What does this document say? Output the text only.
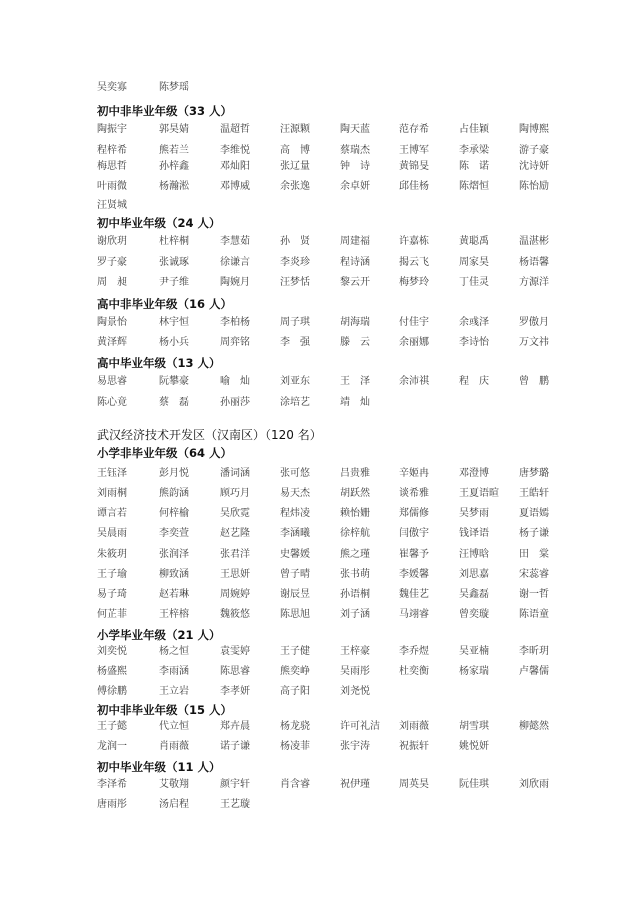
吴奕寡	陈梦瑶
初中非毕业年级（33 人）
陶振宇	郭昊婧	温超哲	汪源颗	陶天蓝	范存希	占佳颖	陶博熙
程梓希	熊若兰	李维悦	高　博	蔡瑞杰	王博军	李承梁	游子豪
梅思哲	孙梓鑫	邓灿阳	张辽量	钟　诗	黄锦旻	陈　诺	沈诗妍
叶雨微	杨瀚淞	邓博威	余张逸	余卓妍	邱佳杨	陈熠恒	陈怡励
汪贤城
初中毕业年级（24 人）
谢欣玥	杜梓桐	李慧茹	孙　贤	周建福	许嘉栋	黄聪禹	温湛彬
罗子豪	张诚琢	徐谦言	李炎珍	程诗涵	揭云飞	周家昊	杨语馨
周　昶	尹子维	陶婉月	汪梦恬	黎云开	梅梦玲	丁佳灵	方源洋
高中非毕业年级（16 人）
陶景怡	林宇恒	李柏杨	周子琪	胡海瑞	付佳宇	余彧泽	罗傲月
黄泽辉	杨小兵	周弈铭	李　强	滕　云	余丽娜	李诗怡	万文祎
高中毕业年级（13 人）
易思睿	阮攀豪	喻　灿	刘亚东	王　泽	余沛祺	程　庆	曾　鹏
陈心竟	蔡　磊	孙丽莎	涂培艺	靖　灿
武汉经济技术开发区（汉南区）（120 名）
小学非毕业年级（64 人）
王钰泽	彭月悦	潘词涵	张可悠	吕贵雅	辛姬冉	邓澄博	唐梦璐
刘雨桐	熊韵涵	顾巧月	易天杰	胡跃然	谈希雅	王夏语暄 王皓轩
谭言若	何梓榆	吴欣霓	程炜凌	赖怡姗	郑儒修	吴梦雨	夏语嫣
吴晨雨	李奕萱	赵艺隆	李涵曦	徐梓航	闫傲宇	钱译语	杨子谦
朱筱玥	张润泽	张君洋	史馨媛	熊之瑾	崔馨予	汪博晗	田　棠
王子瑜	柳致涵	王思妍	曾子晴	张书萌	李媛馨	刘思嘉	宋蕊睿
易子琦	赵若琳	周婉婷	谢辰昱	孙语桐	魏佳艺	吴鑫磊	谢一哲
何芷菲	王梓榕	魏筱悠	陈思旭	刘子涵	马翊睿	曾奕璇	陈语童
小学毕业年级（21 人）
刘奕悦	杨之恒	袁雯婷	王子健	王梓豪	李乔煜	吴亚楠	李昕玥
杨盛熙	李雨涵	陈思睿	熊奕峥	吴雨彤	杜奕衡	杨家瑞	卢馨儒
傅徐鹏	王立岩	李孝妍	高子阳	刘尧悦
初中非毕业年级（15 人）
王子懿	代立恒	郑卉晨	杨龙骁	许可礼洁 刘雨薇	胡雪琪	柳懿然
龙润一	肖雨薇	诺子谦	杨凌菲	张宇涛	祝振轩	姚悦妍
初中毕业年级（11 人）
李泽希	艾敬翔	颜宇轩	肖含睿	祝伊瑾	周英昊	阮佳琪	刘欣雨
唐雨彤	汤启程	王艺璇
